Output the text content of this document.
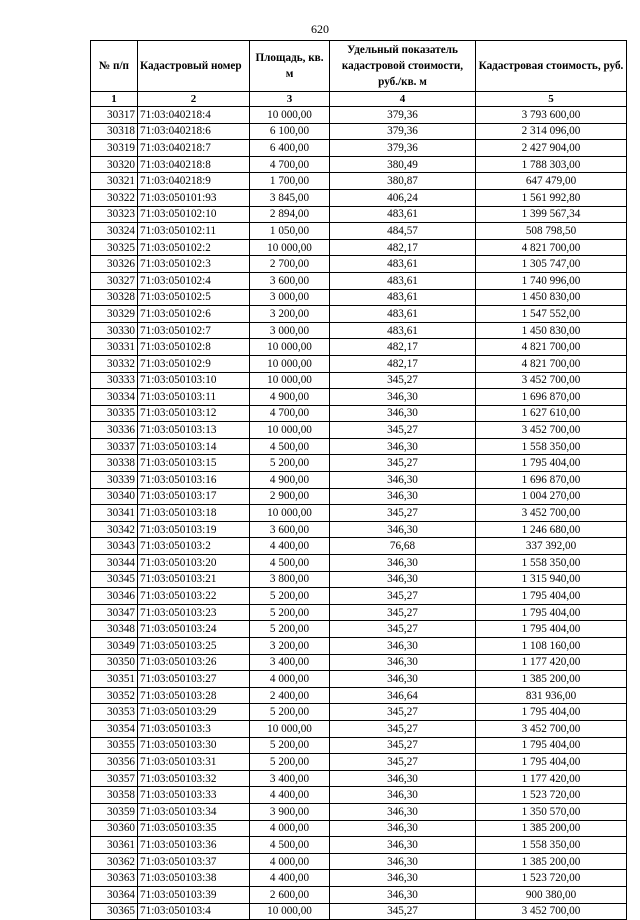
620
№ п/п	Кадастровый номер	Площадь, кв. м	Удельный показатель кадастровой стоимости, руб./кв. м	Кадастровая стоимость, руб.
1	2	3	4	5
30317	71:03:040218:4	10 000,00	379,36	3 793 600,00
30318	71:03:040218:6	6 100,00	379,36	2 314 096,00
30319	71:03:040218:7	6 400,00	379,36	2 427 904,00
30320	71:03:040218:8	4 700,00	380,49	1 788 303,00
30321	71:03:040218:9	1 700,00	380,87	647 479,00
30322	71:03:050101:93	3 845,00	406,24	1 561 992,80
30323	71:03:050102:10	2 894,00	483,61	1 399 567,34
30324	71:03:050102:11	1 050,00	484,57	508 798,50
30325	71:03:050102:2	10 000,00	482,17	4 821 700,00
30326	71:03:050102:3	2 700,00	483,61	1 305 747,00
30327	71:03:050102:4	3 600,00	483,61	1 740 996,00
30328	71:03:050102:5	3 000,00	483,61	1 450 830,00
30329	71:03:050102:6	3 200,00	483,61	1 547 552,00
30330	71:03:050102:7	3 000,00	483,61	1 450 830,00
30331	71:03:050102:8	10 000,00	482,17	4 821 700,00
30332	71:03:050102:9	10 000,00	482,17	4 821 700,00
30333	71:03:050103:10	10 000,00	345,27	3 452 700,00
30334	71:03:050103:11	4 900,00	346,30	1 696 870,00
30335	71:03:050103:12	4 700,00	346,30	1 627 610,00
30336	71:03:050103:13	10 000,00	345,27	3 452 700,00
30337	71:03:050103:14	4 500,00	346,30	1 558 350,00
30338	71:03:050103:15	5 200,00	345,27	1 795 404,00
30339	71:03:050103:16	4 900,00	346,30	1 696 870,00
30340	71:03:050103:17	2 900,00	346,30	1 004 270,00
30341	71:03:050103:18	10 000,00	345,27	3 452 700,00
30342	71:03:050103:19	3 600,00	346,30	1 246 680,00
30343	71:03:050103:2	4 400,00	76,68	337 392,00
30344	71:03:050103:20	4 500,00	346,30	1 558 350,00
30345	71:03:050103:21	3 800,00	346,30	1 315 940,00
30346	71:03:050103:22	5 200,00	345,27	1 795 404,00
30347	71:03:050103:23	5 200,00	345,27	1 795 404,00
30348	71:03:050103:24	5 200,00	345,27	1 795 404,00
30349	71:03:050103:25	3 200,00	346,30	1 108 160,00
30350	71:03:050103:26	3 400,00	346,30	1 177 420,00
30351	71:03:050103:27	4 000,00	346,30	1 385 200,00
30352	71:03:050103:28	2 400,00	346,64	831 936,00
30353	71:03:050103:29	5 200,00	345,27	1 795 404,00
30354	71:03:050103:3	10 000,00	345,27	3 452 700,00
30355	71:03:050103:30	5 200,00	345,27	1 795 404,00
30356	71:03:050103:31	5 200,00	345,27	1 795 404,00
30357	71:03:050103:32	3 400,00	346,30	1 177 420,00
30358	71:03:050103:33	4 400,00	346,30	1 523 720,00
30359	71:03:050103:34	3 900,00	346,30	1 350 570,00
30360	71:03:050103:35	4 000,00	346,30	1 385 200,00
30361	71:03:050103:36	4 500,00	346,30	1 558 350,00
30362	71:03:050103:37	4 000,00	346,30	1 385 200,00
30363	71:03:050103:38	4 400,00	346,30	1 523 720,00
30364	71:03:050103:39	2 600,00	346,30	900 380,00
30365	71:03:050103:4	10 000,00	345,27	3 452 700,00
